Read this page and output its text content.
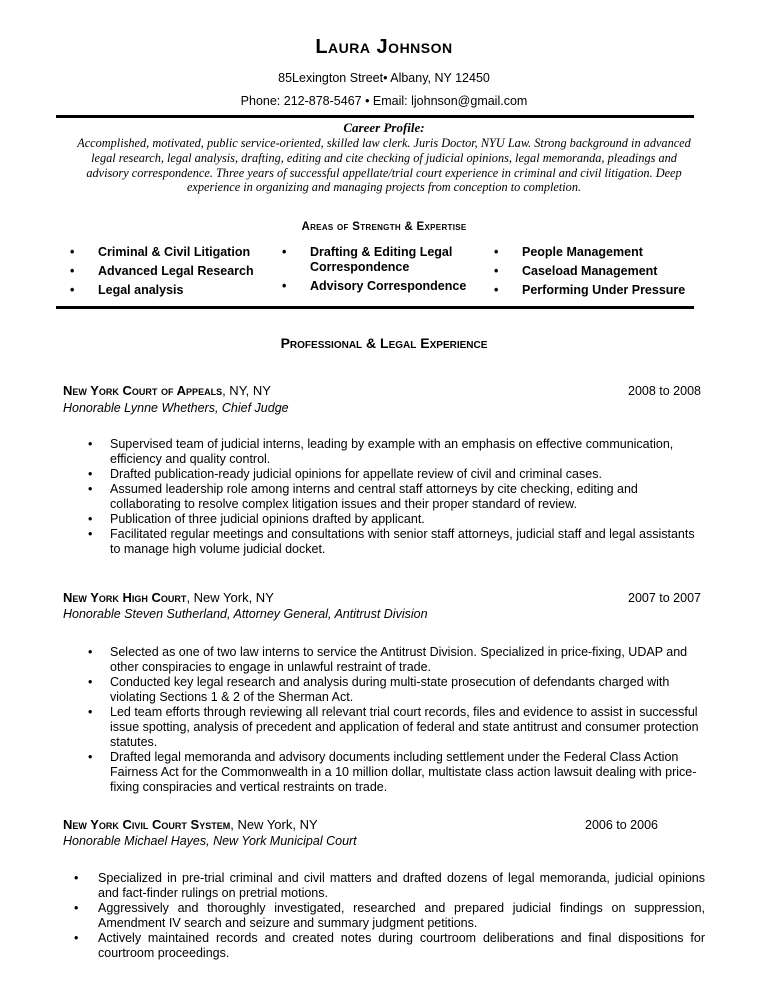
Laura Johnson
85Lexington Street• Albany, NY 12450
Phone: 212-878-5467 • Email: ljohnson@gmail.com
Career Profile:
Accomplished, motivated, public service-oriented, skilled law clerk. Juris Doctor, NYU Law. Strong background in advanced legal research, legal analysis, drafting, editing and cite checking of judicial opinions, legal memoranda, pleadings and advisory correspondence. Three years of successful appellate/trial court experience in criminal and civil litigation. Deep experience in organizing and managing projects from conception to completion.
Areas of Strength & Expertise
• Criminal & Civil Litigation
• Advanced Legal Research
• Legal analysis
• Drafting & Editing Legal Correspondence
• Advisory Correspondence
• People Management
• Caseload Management
• Performing Under Pressure
Professional & Legal Experience
New York Court of Appeals, NY, NY	2008 to 2008
Honorable Lynne Whethers, Chief Judge
• Supervised team of judicial interns, leading by example with an emphasis on effective communication, efficiency and quality control.
• Drafted publication-ready judicial opinions for appellate review of civil and criminal cases.
• Assumed leadership role among interns and central staff attorneys by cite checking, editing and collaborating to resolve complex litigation issues and their proper standard of review.
• Publication of three judicial opinions drafted by applicant.
• Facilitated regular meetings and consultations with senior staff attorneys, judicial staff and legal assistants to manage high volume judicial docket.
New York High Court, New York, NY	2007 to 2007
Honorable Steven Sutherland, Attorney General, Antitrust Division
• Selected as one of two law interns to service the Antitrust Division. Specialized in price-fixing, UDAP and other conspiracies to engage in unlawful restraint of trade.
• Conducted key legal research and analysis during multi-state prosecution of defendants charged with violating Sections 1 & 2 of the Sherman Act.
• Led team efforts through reviewing all relevant trial court records, files and evidence to assist in successful issue spotting, analysis of precedent and application of federal and state antitrust and consumer protection statutes.
• Drafted legal memoranda and advisory documents including settlement under the Federal Class Action Fairness Act for the Commonwealth in a 10 million dollar, multistate class action lawsuit dealing with price-fixing conspiracies and vertical restraints on trade.
New York Civil Court System, New York, NY	2006 to 2006
Honorable Michael Hayes, New York Municipal Court
• Specialized in pre-trial criminal and civil matters and drafted dozens of legal memoranda, judicial opinions and fact-finder rulings on pretrial motions.
• Aggressively and thoroughly investigated, researched and prepared judicial findings on suppression, Amendment IV search and seizure and summary judgment petitions.
• Actively maintained records and created notes during courtroom deliberations and final dispositions for courtroom proceedings.
